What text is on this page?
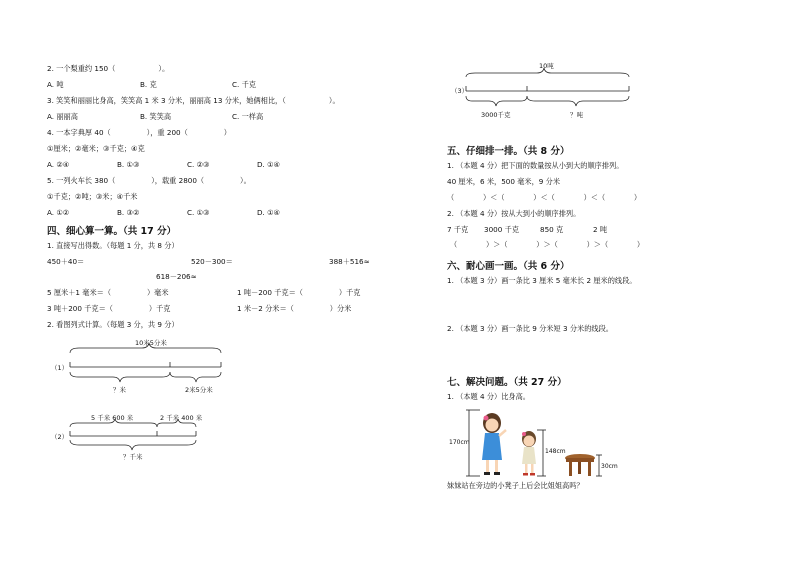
2. 一个梨重约 150（　　　　　　）。
A. 吨	B. 克	C. 千克
3. 笑笑和丽丽比身高，笑笑高 1 米 3 分米，丽丽高 13 分米，她俩相比，（　　　　　　）。
A. 丽丽高	B. 笑笑高	C. 一样高
4. 一本字典厚 40（　　　　　），重 200（　　　　　）
①厘米；②毫米；③千克；④克
A. ②④	B. ①③	C. ②③	D. ①④
5. 一列火车长 380（　　　　　），载重 2800（　　　　　）。
①千克；②吨；③米；④千米
A. ①②	B. ③②	C. ①③	D. ①④
四、细心算一算。（共 17 分）
1. 直接写出得数。（每题 1 分，共 8 分）
450＋40＝	520－300＝	388＋516≈
618－206≈
5 厘米＋1 毫米＝（　　　　　）毫米	1 吨－200 千克＝（　　　　　）千克
3 吨＋200 千克＝（　　　　　）千克	1 米－2 分米＝（　　　　　）分米
2. 看图列式计算。（每题 3 分，共 9 分）
（1）
10米5分米
？米	2米5分米
（2）
5 千米 600 米	2 千米 400 米
？千米
（3）
10吨
3000千克	？吨
五、仔细排一排。（共 8 分）
1. （本题 4 分）把下面的数量按从小到大的顺序排列。
40 厘米，6 米，500 毫米，9 分米
（　　　　）＜（　　　　）＜（　　　　）＜（　　　　）
2. （本题 4 分）按从大到小的顺序排列。
7 千克 3000 千克	850 克	2 吨
（　　　　）＞（　　　　）＞（　　　　）＞（　　　　）
六、耐心画一画。（共 6 分）
1. （本题 3 分）画一条比 3 厘米 5 毫米长 2 厘米的线段。
2. （本题 3 分）画一条比 9 分米短 3 分米的线段。
七、解决问题。（共 27 分）
1. （本题 4 分）比身高。
170cm
148cm
30cm
妹妹站在旁边的小凳子上后会比姐姐高吗？
